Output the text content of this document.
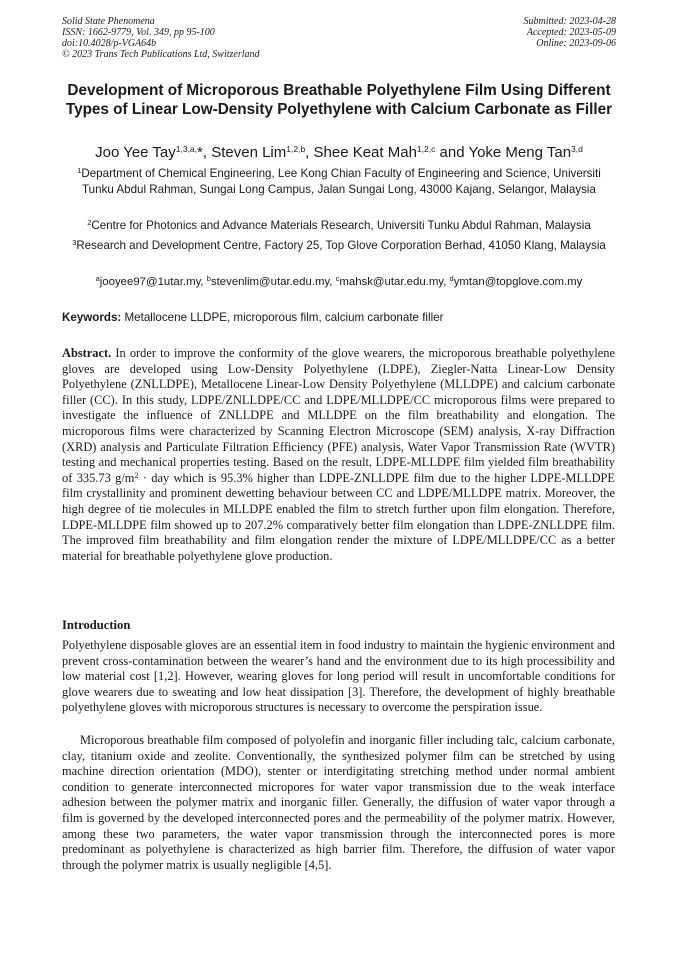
Solid State Phenomena
ISSN: 1662-9779, Vol. 349, pp 95-100
doi:10.4028/p-VGA64b
© 2023 Trans Tech Publications Ltd, Switzerland
Submitted: 2023-04-28
Accepted: 2023-05-09
Online: 2023-09-06
Development of Microporous Breathable Polyethylene Film Using Different Types of Linear Low-Density Polyethylene with Calcium Carbonate as Filler
Joo Yee Tay$^{1,3,a,}$*, Steven Lim$^{1,2,b}$, Shee Keat Mah$^{1,2,c}$ and Yoke Meng Tan$^{3,d}$
$^1$Department of Chemical Engineering, Lee Kong Chian Faculty of Engineering and Science, Universiti Tunku Abdul Rahman, Sungai Long Campus, Jalan Sungai Long, 43000 Kajang, Selangor, Malaysia
$^2$Centre for Photonics and Advance Materials Research, Universiti Tunku Abdul Rahman, Malaysia
$^3$Research and Development Centre, Factory 25, Top Glove Corporation Berhad, 41050 Klang, Malaysia
$^a$jooyee97@1utar.my, $^b$stevenlim@utar.edu.my, $^c$mahsk@utar.edu.my, $^d$ymtan@topglove.com.my
Keywords: Metallocene LLDPE, microporous film, calcium carbonate filler

Abstract. In order to improve the conformity of the glove wearers, the microporous breathable polyethylene gloves are developed using Low-Density Polyethylene (LDPE), Ziegler-Natta Linear-Low Density Polyethylene (ZNLLDPE), Metallocene Linear-Low Density Polyethylene (MLLDPE) and calcium carbonate filler (CC). In this study, LDPE/ZNLLDPE/CC and LDPE/MLLDPE/CC microporous films were prepared to investigate the influence of ZNLLDPE and MLLDPE on the film breathability and elongation. The microporous films were characterized by Scanning Electron Microscope (SEM) analysis, X-ray Diffraction (XRD) analysis and Particulate Filtration Efficiency (PFE) analysis, Water Vapor Transmission Rate (WVTR) testing and mechanical properties testing. Based on the result, LDPE-MLLDPE film yielded film breathability of 335.73 $g/m^2$ · day which is 95.3% higher than LDPE-ZNLLDPE film due to the higher LDPE-MLLDPE film crystallinity and prominent dewetting behaviour between CC and LDPE/MLLDPE matrix. Moreover, the high degree of tie molecules in MLLDPE enabled the film to stretch further upon film elongation. Therefore, LDPE-MLLDPE film showed up to 207.2% comparatively better film elongation than LDPE-ZNLLDPE film. The improved film breathability and film elongation render the mixture of LDPE/MLLDPE/CC as a better material for breathable polyethylene glove production.

Introduction

Polyethylene disposable gloves are an essential item in food industry to maintain the hygienic environment and prevent cross-contamination between the wearer’s hand and the environment due to its high processibility and low material cost [1,2]. However, wearing gloves for long period will result in uncomfortable conditions for glove wearers due to sweating and low heat dissipation [3]. Therefore, the development of highly breathable polyethylene gloves with microporous structures is necessary to overcome the perspiration issue.

Microporous breathable film composed of polyolefin and inorganic filler including talc, calcium carbonate, clay, titanium oxide and zeolite. Conventionally, the synthesized polymer film can be stretched by using machine direction orientation (MDO), stenter or interdigitating stretching method under normal ambient condition to generate interconnected micropores for water vapor transmission due to the weak interface adhesion between the polymer matrix and inorganic filler. Generally, the diffusion of water vapor through a film is governed by the developed interconnected pores and the permeability of the polymer matrix. However, among these two parameters, the water vapor transmission through the interconnected pores is more predominant as polyethylene is characterized as high barrier film. Therefore, the diffusion of water vapor through the polymer matrix is usually negligible [4,5].
